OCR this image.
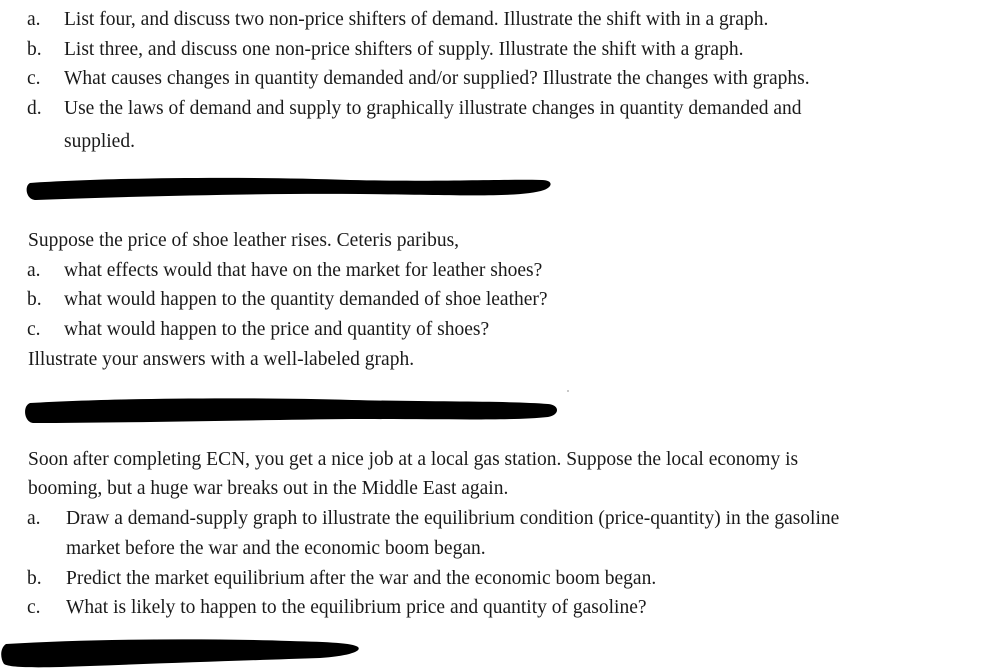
a. List four, and discuss two non-price shifters of demand. Illustrate the shift with in a graph.
b. List three, and discuss one non-price shifters of supply. Illustrate the shift with a graph.
c. What causes changes in quantity demanded and/or supplied? Illustrate the changes with graphs.
d. Use the laws of demand and supply to graphically illustrate changes in quantity demanded and
supplied.
Suppose the price of shoe leather rises. Ceteris paribus,
a. what effects would that have on the market for leather shoes?
b. what would happen to the quantity demanded of shoe leather?
c. what would happen to the price and quantity of shoes?
Illustrate your answers with a well-labeled graph.
Soon after completing ECN, you get a nice job at a local gas station. Suppose the local economy is
booming, but a huge war breaks out in the Middle East again.
a. Draw a demand-supply graph to illustrate the equilibrium condition (price-quantity) in the gasoline
market before the war and the economic boom began.
b. Predict the market equilibrium after the war and the economic boom began.
c. What is likely to happen to the equilibrium price and quantity of gasoline?
